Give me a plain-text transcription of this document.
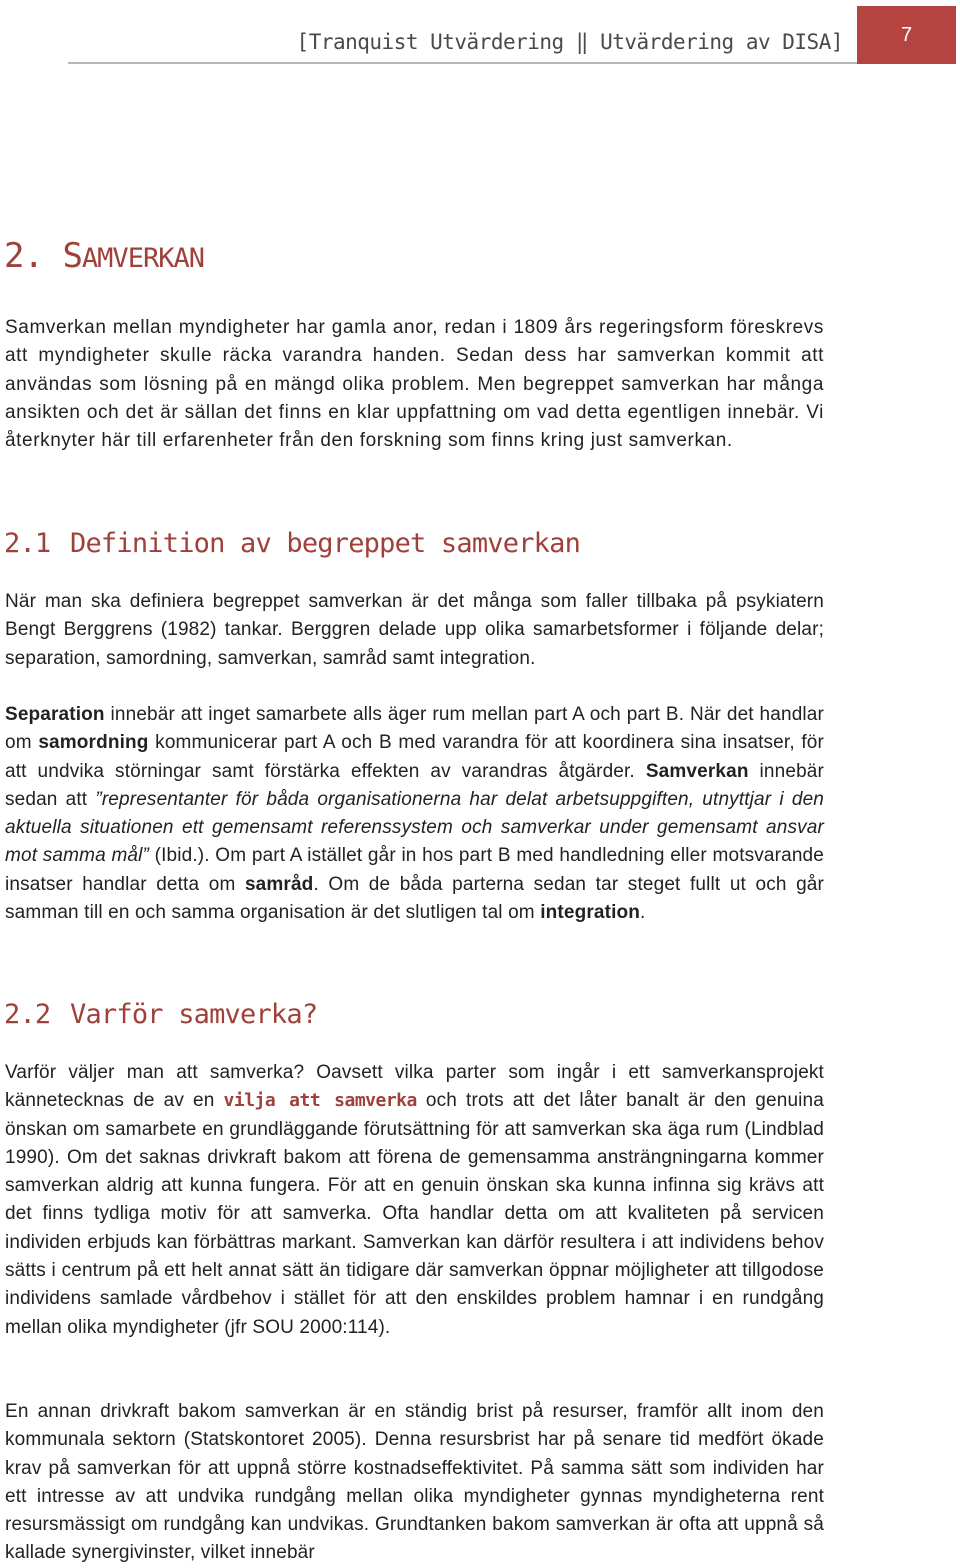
[Tranquist Utvärdering ‖ Utvärdering av DISA]	7
2. SAMVERKAN

Samverkan mellan myndigheter har gamla anor, redan i 1809 års regeringsform föreskrevs att myndigheter skulle räcka varandra handen. Sedan dess har samverkan kommit att användas som lösning på en mängd olika problem. Men begreppet samverkan har många ansikten och det är sällan det finns en klar uppfattning om vad detta egentligen innebär. Vi återknyter här till erfarenheter från den forskning som finns kring just samverkan.

2.1 Definition av begreppet samverkan

När man ska definiera begreppet samverkan är det många som faller tillbaka på psykiatern Bengt Berggrens (1982) tankar. Berggren delade upp olika samarbetsformer i följande delar; separation, samordning, samverkan, samråd samt integration.

Separation innebär att inget samarbete alls äger rum mellan part A och part B. När det handlar om samordning kommunicerar part A och B med varandra för att koordinera sina insatser, för att undvika störningar samt förstärka effekten av varandras åtgärder. Samverkan innebär sedan att ”representanter för båda organisationerna har delat arbetsuppgiften, utnyttjar i den aktuella situationen ett gemensamt referenssystem och samverkar under gemensamt ansvar mot samma mål” (Ibid.). Om part A istället går in hos part B med handledning eller motsvarande insatser handlar detta om samråd. Om de båda parterna sedan tar steget fullt ut och går samman till en och samma organisation är det slutligen tal om integration.

2.2 Varför samverka?

Varför väljer man att samverka? Oavsett vilka parter som ingår i ett samverkansprojekt kännetecknas de av en vilja att samverka och trots att det låter banalt är den genuina önskan om samarbete en grundläggande förutsättning för att samverkan ska äga rum (Lindblad 1990). Om det saknas drivkraft bakom att förena de gemensamma ansträngningarna kommer samverkan aldrig att kunna fungera. För att en genuin önskan ska kunna infinna sig krävs att det finns tydliga motiv för att samverka. Ofta handlar detta om att kvaliteten på servicen individen erbjuds kan förbättras markant. Samverkan kan därför resultera i att individens behov sätts i centrum på ett helt annat sätt än tidigare där samverkan öppnar möjligheter att tillgodose individens samlade vårdbehov i stället för att den enskildes problem hamnar i en rundgång mellan olika myndigheter (jfr SOU 2000:114).

En annan drivkraft bakom samverkan är en ständig brist på resurser, framför allt inom den kommunala sektorn (Statskontoret 2005). Denna resursbrist har på senare tid medfört ökade krav på samverkan för att uppnå större kostnadseffektivitet. På samma sätt som individen har ett intresse av att undvika rundgång mellan olika myndigheter gynnas myndigheterna rent resursmässigt om rundgång kan undvikas. Grundtanken bakom samverkan är ofta att uppnå så kallade synergivinster, vilket innebär
